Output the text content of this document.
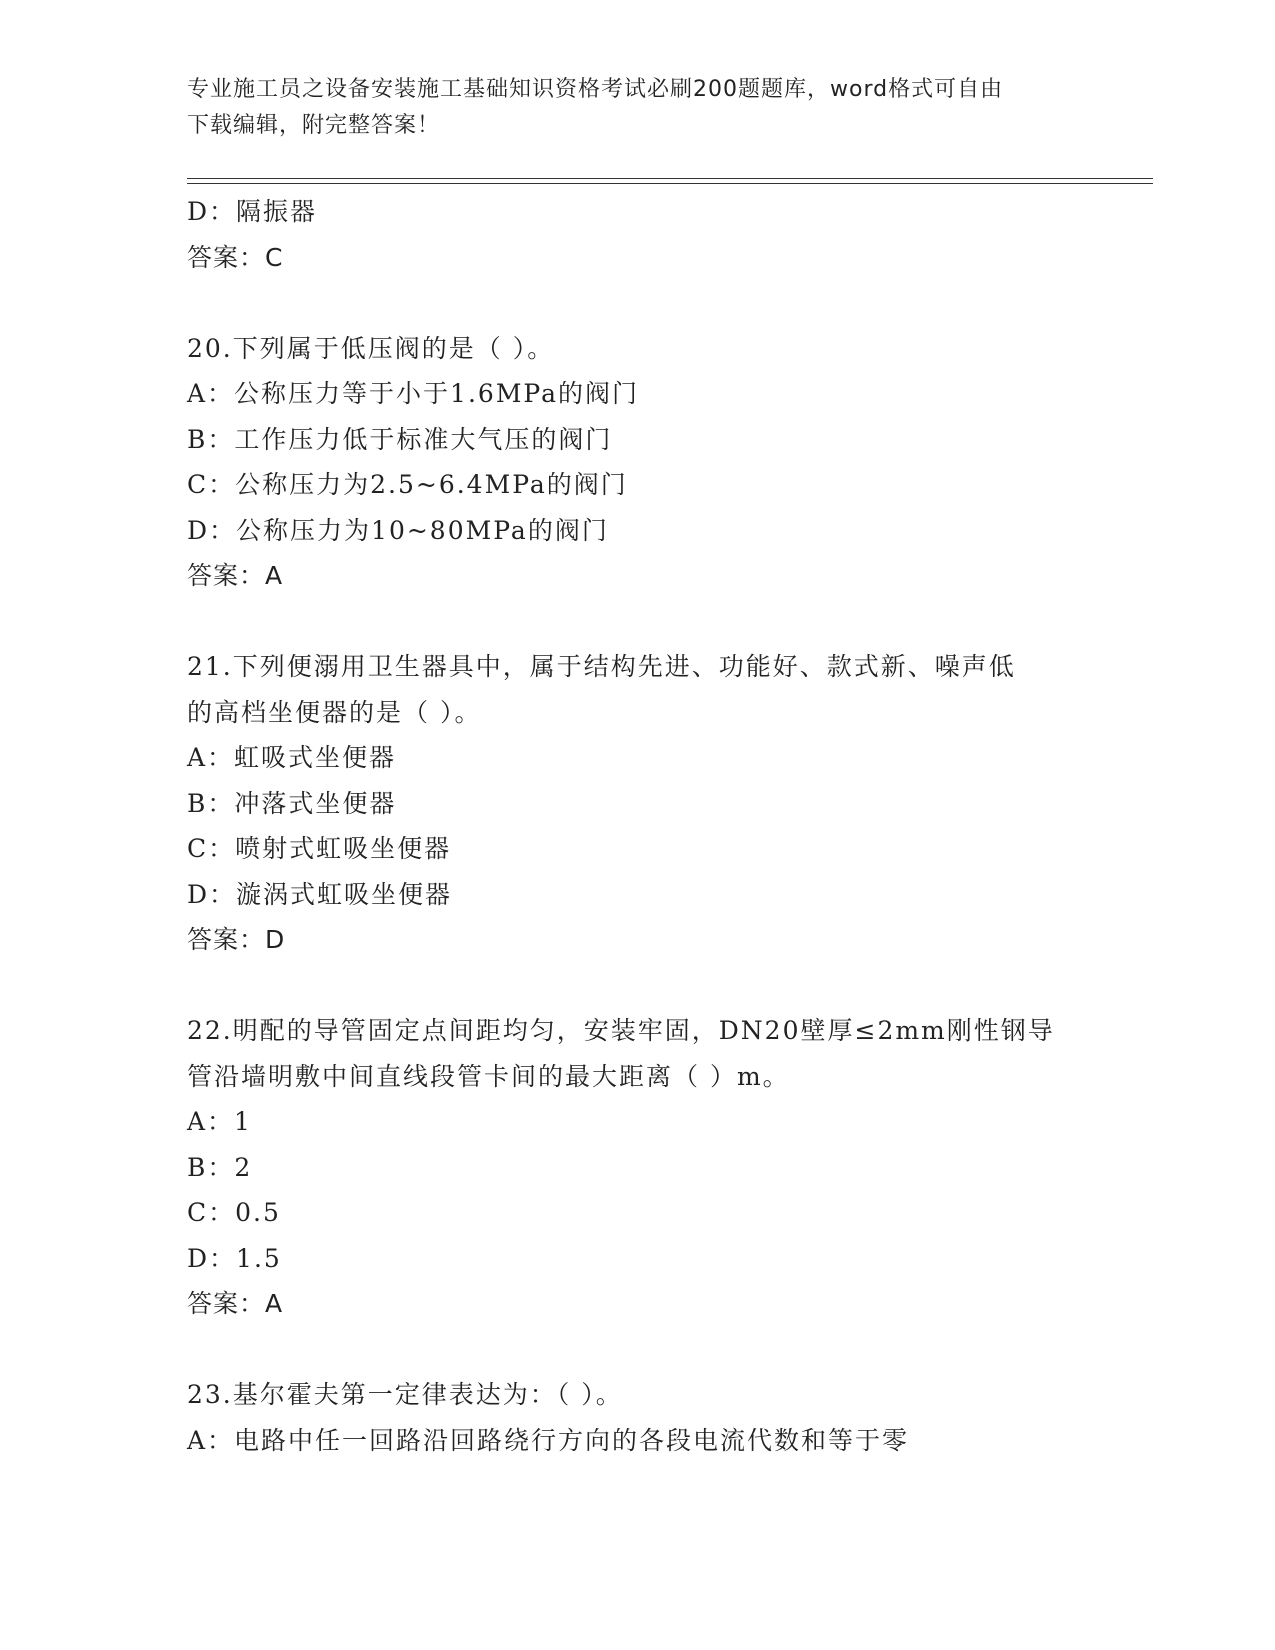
专业施工员之设备安装施工基础知识资格考试必刷200题题库，word格式可自由
下载编辑，附完整答案！
D：隔振器
答案：C
20.下列属于低压阀的是（ ）。
A：公称压力等于小于1.6MPa的阀门
B：工作压力低于标准大气压的阀门
C：公称压力为2.5~6.4MPa的阀门
D：公称压力为10~80MPa的阀门
答案：A
21.下列便溺用卫生器具中，属于结构先进、功能好、款式新、噪声低
的高档坐便器的是（ ）。
A：虹吸式坐便器
B：冲落式坐便器
C：喷射式虹吸坐便器
D：漩涡式虹吸坐便器
答案：D
22.明配的导管固定点间距均匀，安装牢固，DN20壁厚≤2mm刚性钢导
管沿墙明敷中间直线段管卡间的最大距离（ ）m。
A：1
B：2
C：0.5
D：1.5
答案：A
23.基尔霍夫第一定律表达为：（ ）。
A：电路中任一回路沿回路绕行方向的各段电流代数和等于零
